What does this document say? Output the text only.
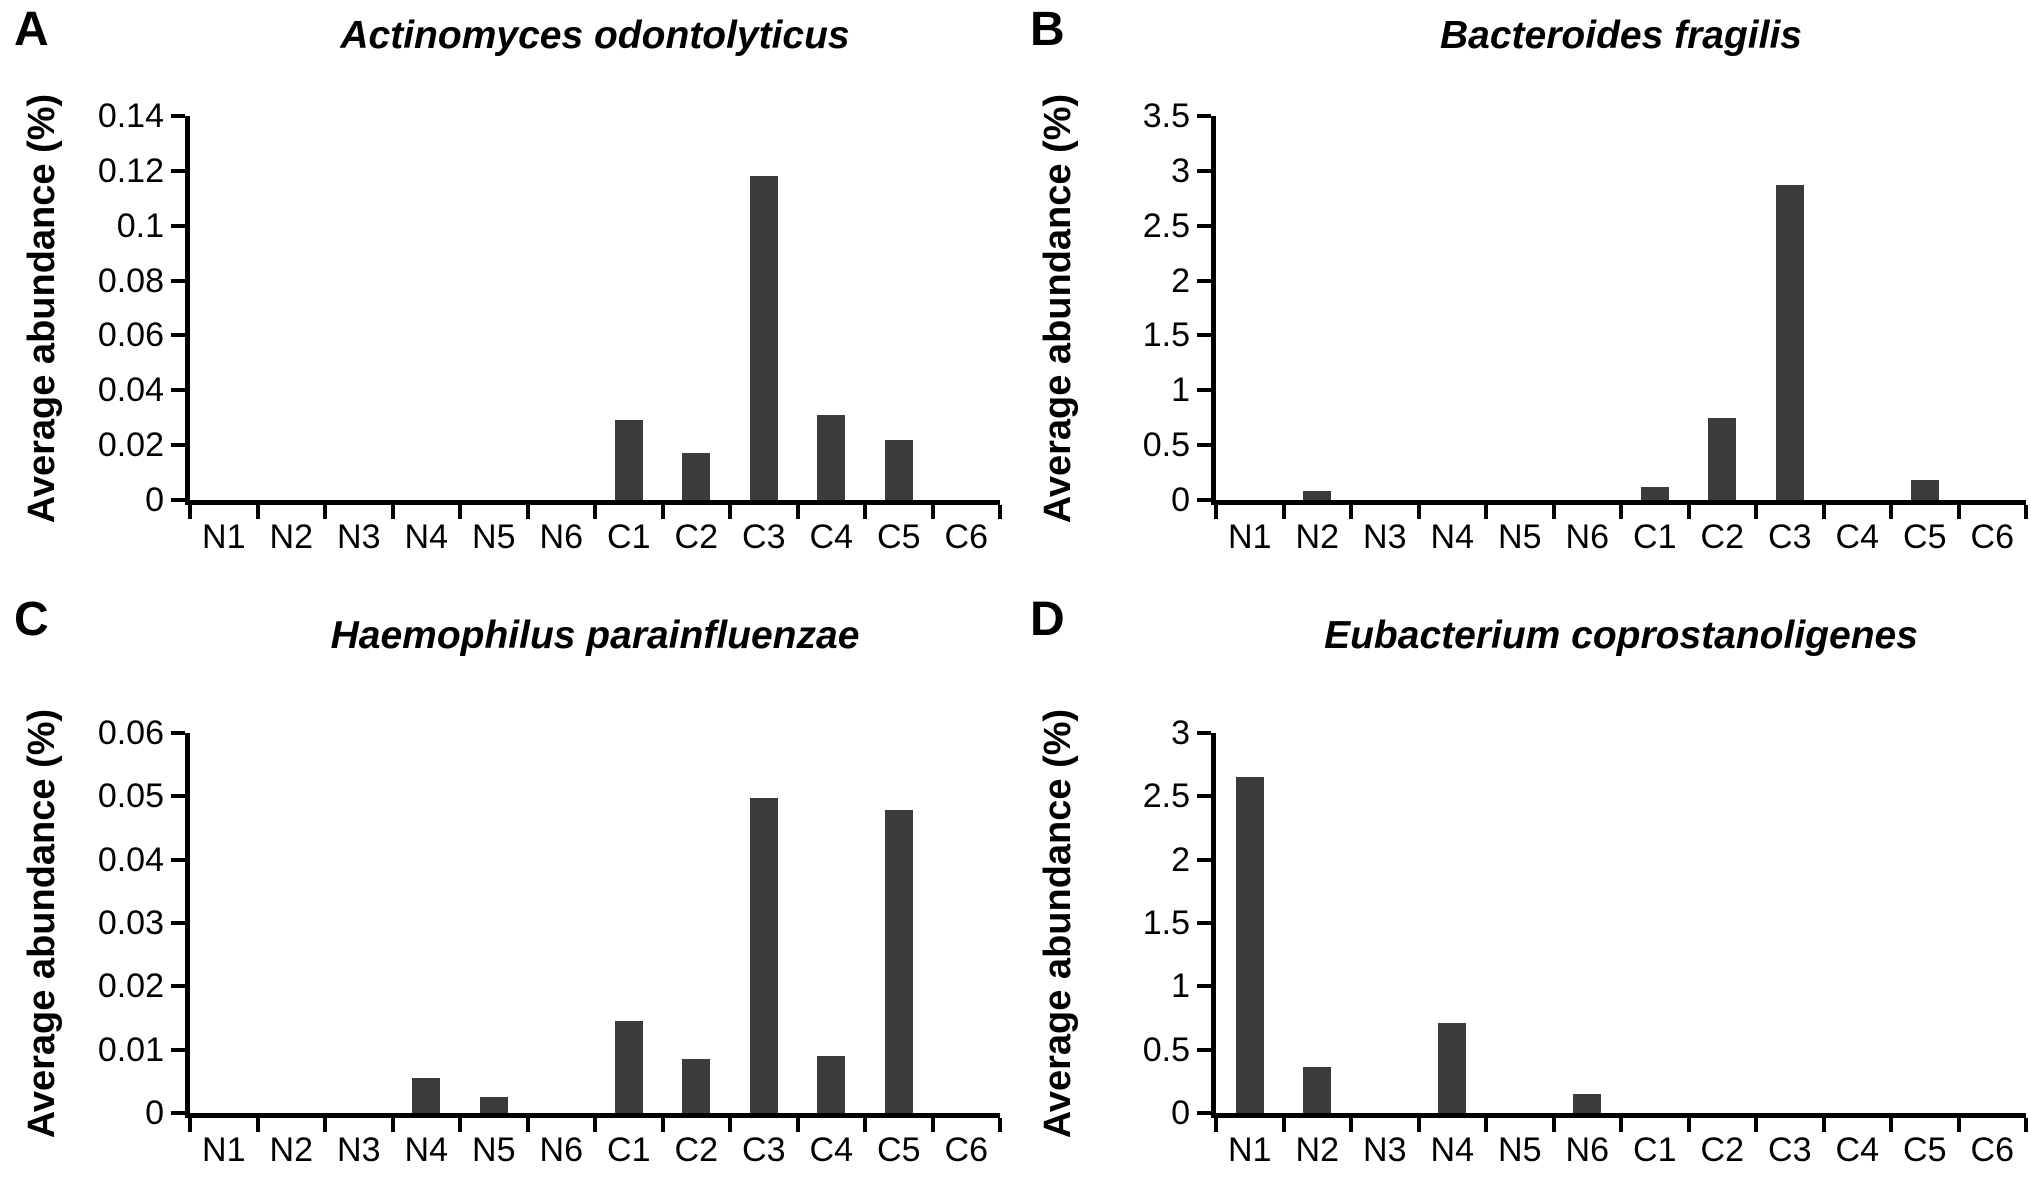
A	Actinomyces odontolyticus
Average abundance (%)	0
0.02
0.04
0.06
0.08
0.1
0.12
0.14
N1 N2 N3 N4 N5 N6 C1 C2 C3 C4 C5 C6
B	Bacteroides fragilis
Average abundance (%)	0
0.5
1
1.5
2
2.5
3
3.5
N1 N2 N3 N4 N5 N6 C1 C2 C3 C4 C5 C6
C	Haemophilus parainfluenzae
Average abundance (%)	0
0.01
0.02
0.03
0.04
0.05
0.06
N1 N2 N3 N4 N5 N6 C1 C2 C3 C4 C5 C6
D	Eubacterium coprostanoligenes
Average abundance (%)	0
0.5
1
1.5
2
2.5
3
N1 N2 N3 N4 N5 N6 C1 C2 C3 C4 C5 C6
